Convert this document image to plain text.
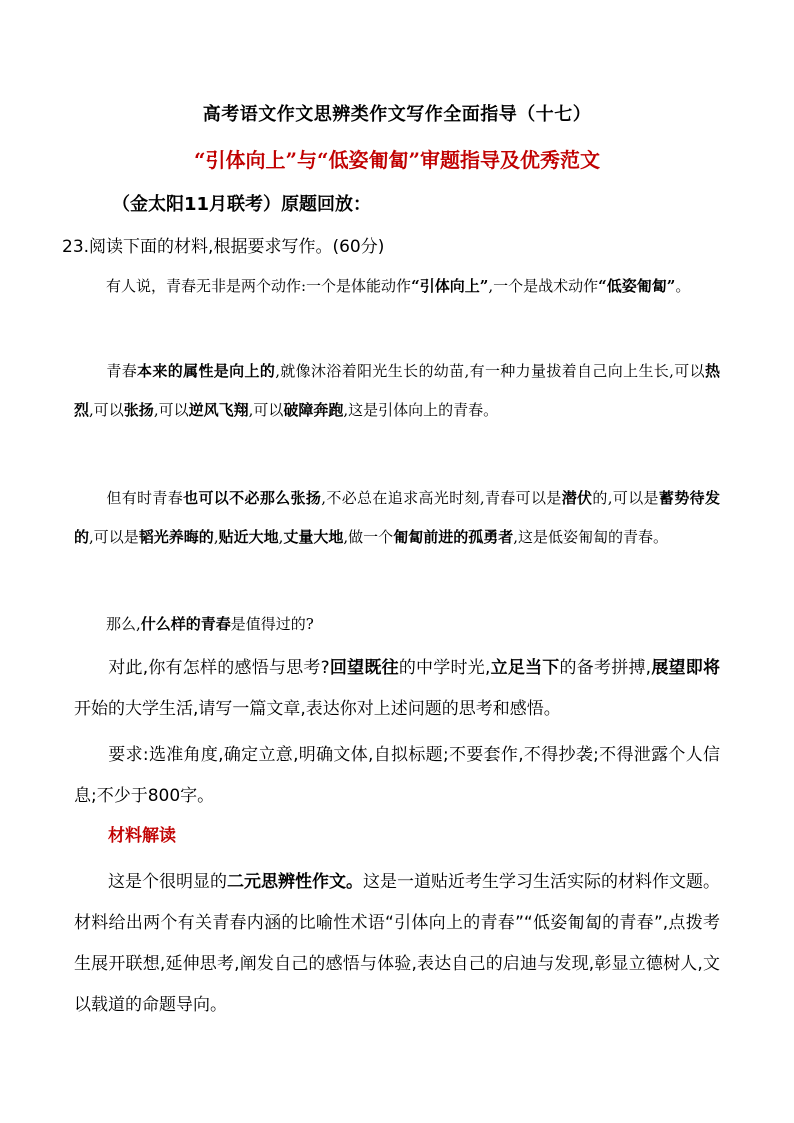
高考语文作文思辨类作文写作全面指导（十七）
“引体向上”与“低姿匍匐”审题指导及优秀范文
（金太阳11月联考）原题回放：
23.阅读下面的材料,根据要求写作。(60分)
有人说，青春无非是两个动作:一个是体能动作“引体向上”,一个是战术动作“低姿匍匐”。
青春本来的属性是向上的,就像沐浴着阳光生长的幼苗,有一种力量拔着自己向上生长,可以热烈,可以张扬,可以逆风飞翔,可以破障奔跑,这是引体向上的青春。
但有时青春也可以不必那么张扬,不必总在追求高光时刻,青春可以是潜伏的,可以是蓄势待发的,可以是韬光养晦的,贴近大地,丈量大地,做一个匍匐前进的孤勇者,这是低姿匍匐的青春。
那么,什么样的青春是值得过的?
对此,你有怎样的感悟与思考?回望既往的中学时光,立足当下的备考拼搏,展望即将开始的大学生活,请写一篇文章,表达你对上述问题的思考和感悟。
要求:选准角度,确定立意,明确文体,自拟标题;不要套作,不得抄袭;不得泄露个人信息;不少于800字。
材料解读
这是个很明显的二元思辨性作文。这是一道贴近考生学习生活实际的材料作文题。材料给出两个有关青春内涵的比喻性术语“引体向上的青春”“低姿匍匐的青春”,点拨考生展开联想,延伸思考,阐发自己的感悟与体验,表达自己的启迪与发现,彰显立德树人,文以载道的命题导向。
